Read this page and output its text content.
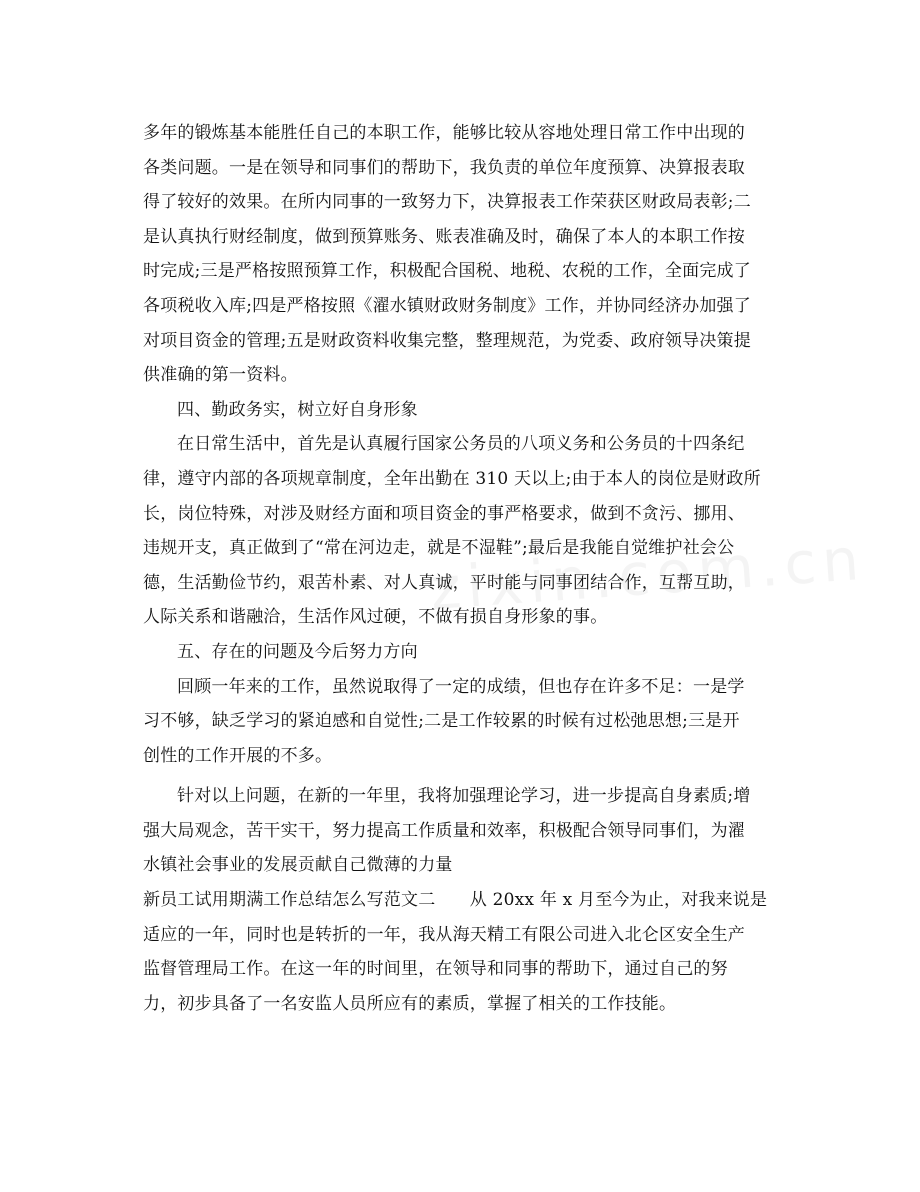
多年的锻炼基本能胜任自己的本职工作，能够比较从容地处理日常工作中出现的
各类问题。一是在领导和同事们的帮助下，我负责的单位年度预算、决算报表取
得了较好的效果。在所内同事的一致努力下，决算报表工作荣获区财政局表彰;二
是认真执行财经制度，做到预算账务、账表准确及时，确保了本人的本职工作按
时完成;三是严格按照预算工作，积极配合国税、地税、农税的工作，全面完成了
各项税收入库;四是严格按照《濯水镇财政财务制度》工作，并协同经济办加强了
对项目资金的管理;五是财政资料收集完整，整理规范，为党委、政府领导决策提
供准确的第一资料。
四、勤政务实，树立好自身形象
在日常生活中，首先是认真履行国家公务员的八项义务和公务员的十四条纪
律，遵守内部的各项规章制度，全年出勤在 310 天以上;由于本人的岗位是财政所
长，岗位特殊，对涉及财经方面和项目资金的事严格要求，做到不贪污、挪用、
违规开支，真正做到了“常在河边走，就是不湿鞋”;最后是我能自觉维护社会公
德，生活勤俭节约，艰苦朴素、对人真诚，平时能与同事团结合作，互帮互助，
人际关系和谐融洽，生活作风过硬，不做有损自身形象的事。
五、存在的问题及今后努力方向
回顾一年来的工作，虽然说取得了一定的成绩，但也存在许多不足：一是学
习不够，缺乏学习的紧迫感和自觉性;二是工作较累的时候有过松弛思想;三是开
创性的工作开展的不多。
针对以上问题，在新的一年里，我将加强理论学习，进一步提高自身素质;增
强大局观念，苦干实干，努力提高工作质量和效率，积极配合领导同事们，为濯
水镇社会事业的发展贡献自己微薄的力量
新员工试用期满工作总结怎么写范文二　　从 20xx 年 x 月至今为止，对我来说是
适应的一年，同时也是转折的一年，我从海天精工有限公司进入北仑区安全生产
监督管理局工作。在这一年的时间里，在领导和同事的帮助下，通过自己的努
力，初步具备了一名安监人员所应有的素质，掌握了相关的工作技能。
